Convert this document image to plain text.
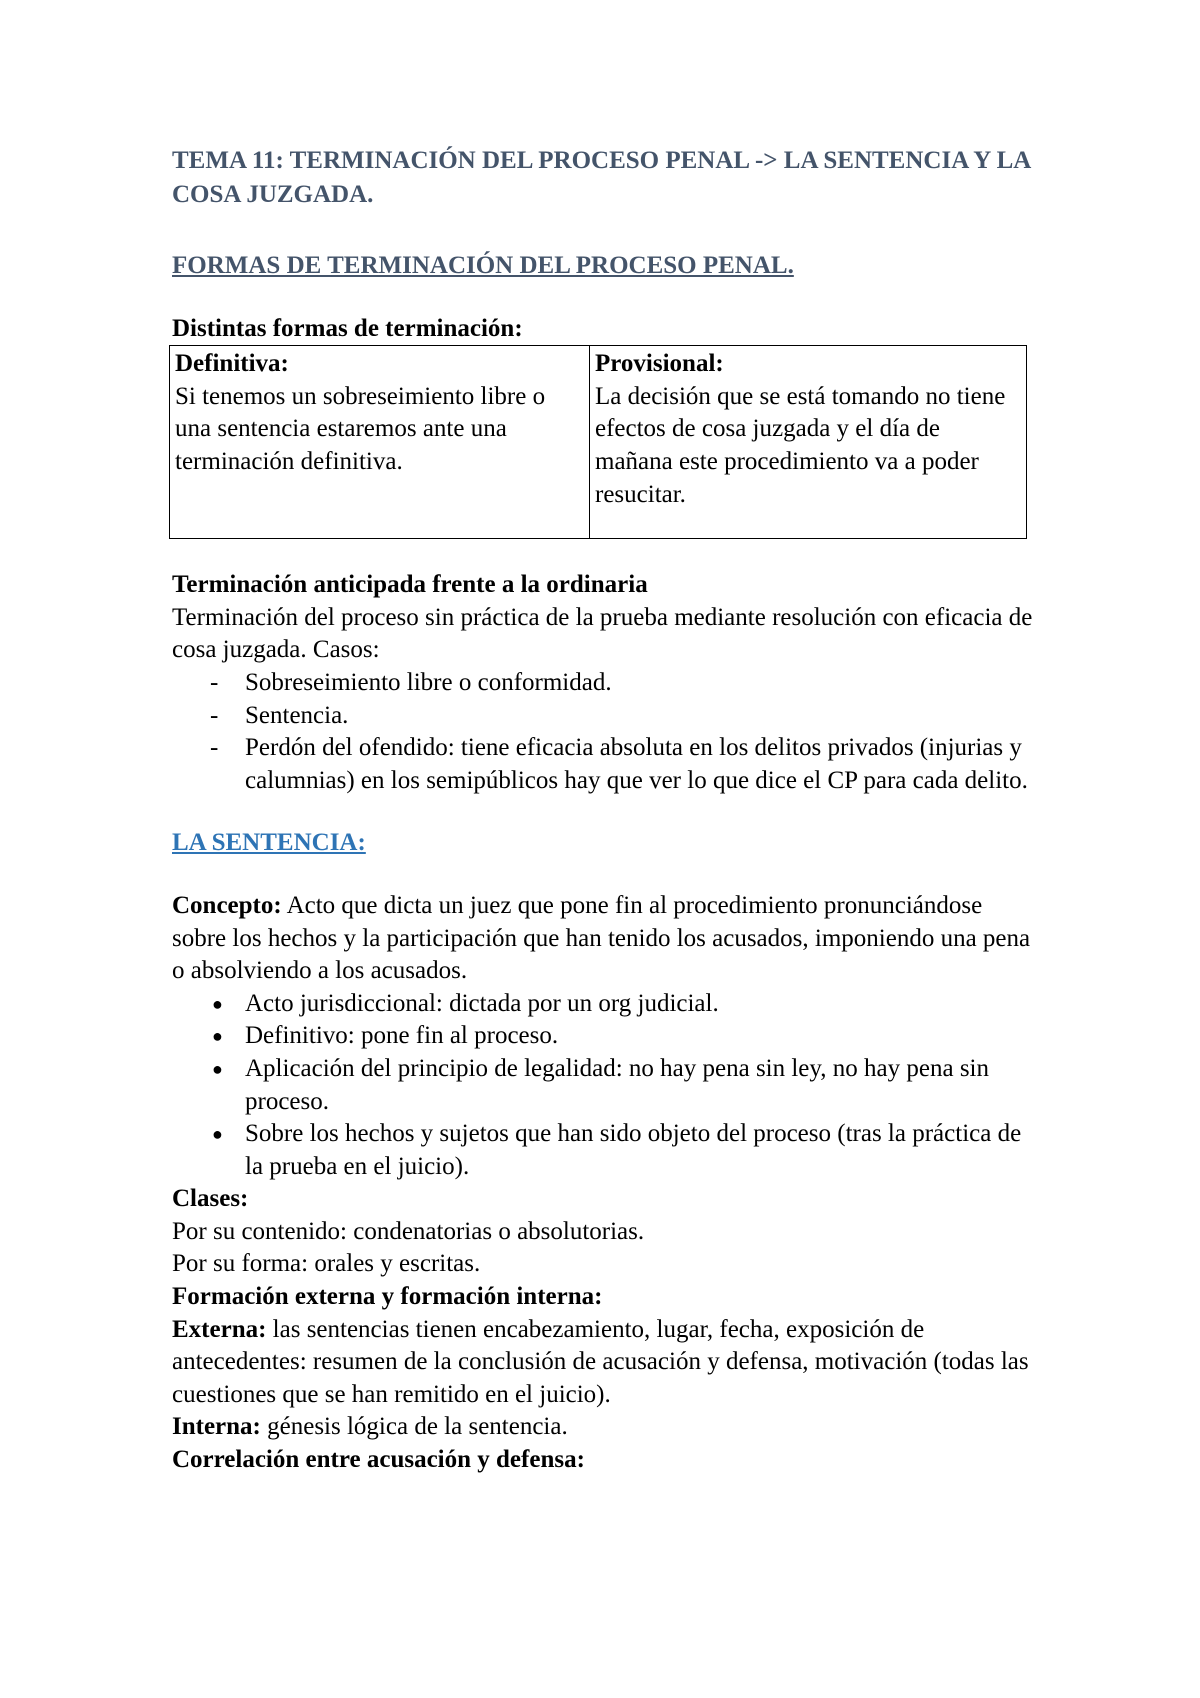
TEMA 11: TERMINACIÓN DEL PROCESO PENAL -> LA SENTENCIA Y LA COSA JUZGADA.

FORMAS DE TERMINACIÓN DEL PROCESO PENAL.

Distintas formas de terminación:

Definitiva:
Si tenemos un sobreseimiento libre o una sentencia estaremos ante una terminación definitiva.

Provisional:
La decisión que se está tomando no tiene efectos de cosa juzgada y el día de mañana este procedimiento va a poder resucitar.

Terminación anticipada frente a la ordinaria

Terminación del proceso sin práctica de la prueba mediante resolución con eficacia de cosa juzgada. Casos:

- Sobreseimiento libre o conformidad.
- Sentencia.
- Perdón del ofendido: tiene eficacia absoluta en los delitos privados (injurias y calumnias) en los semipúblicos hay que ver lo que dice el CP para cada delito.

LA SENTENCIA:

Concepto: Acto que dicta un juez que pone fin al procedimiento pronunciándose sobre los hechos y la participación que han tenido los acusados, imponiendo una pena o absolviendo a los acusados.

● Acto jurisdiccional: dictada por un org judicial.
● Definitivo: pone fin al proceso.
● Aplicación del principio de legalidad: no hay pena sin ley, no hay pena sin proceso.
● Sobre los hechos y sujetos que han sido objeto del proceso (tras la práctica de la prueba en el juicio).

Clases:

Por su contenido: condenatorias o absolutorias.

Por su forma: orales y escritas.

Formación externa y formación interna:

Externa: las sentencias tienen encabezamiento, lugar, fecha, exposición de antecedentes: resumen de la conclusión de acusación y defensa, motivación (todas las cuestiones que se han remitido en el juicio).

Interna: génesis lógica de la sentencia.

Correlación entre acusación y defensa:
